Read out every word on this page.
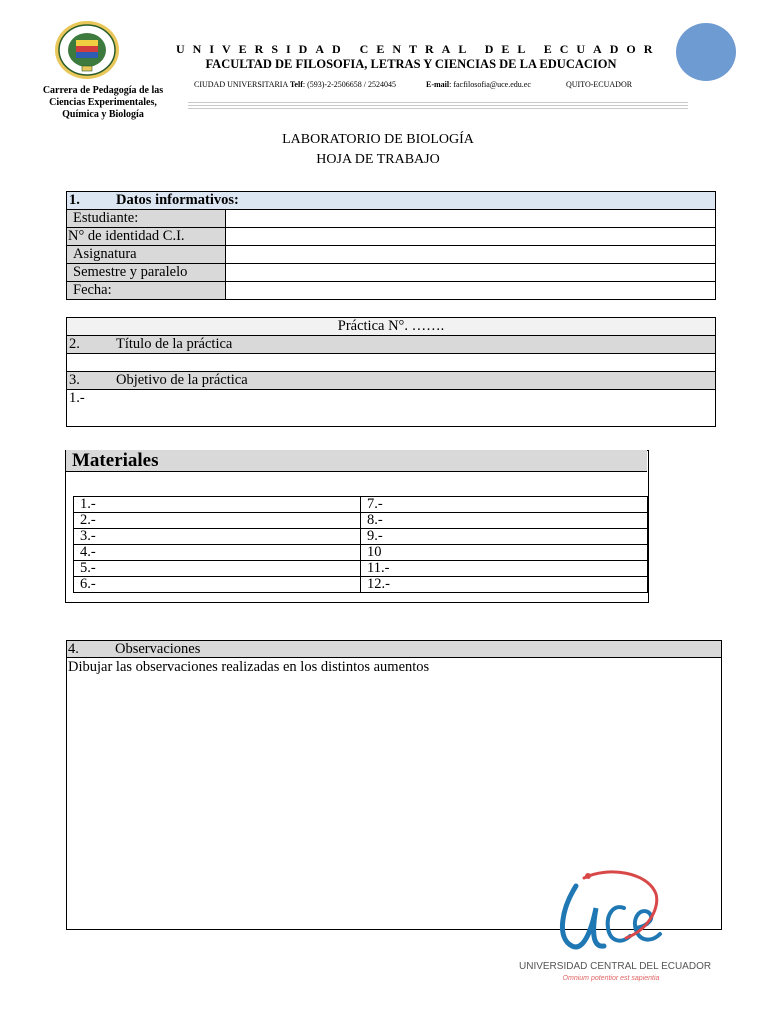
Carrera de Pedagogía de las
Ciencias Experimentales,
Química y Biología
UNIVERSIDAD CENTRAL DEL ECUADOR
FACULTAD DE FILOSOFIA, LETRAS Y CIENCIAS DE LA EDUCACION
CIUDAD UNIVERSITARIA Telf: (593)-2-2506658 / 2524045	E-mail: facfilosofia@uce.edu.ec	QUITO-ECUADOR
LABORATORIO DE BIOLOGÍA
HOJA DE TRABAJO
1. Datos informativos:	
Estudiante:	
N° de identidad C.I.	
Asignatura	
Semestre y paralelo	
Fecha:	
Práctica N°. …….
2. Título de la práctica

3. Objetivo de la práctica
1.-
Materiales
1.-	7.-
2.-	8.-
3.-	9.-
4.-	10
5.-	11.-
6.-	12.-
4. Observaciones
Dibujar las observaciones realizadas en los distintos aumentos
UNIVERSIDAD CENTRAL DEL ECUADOR
Omnium potentior est sapientia
